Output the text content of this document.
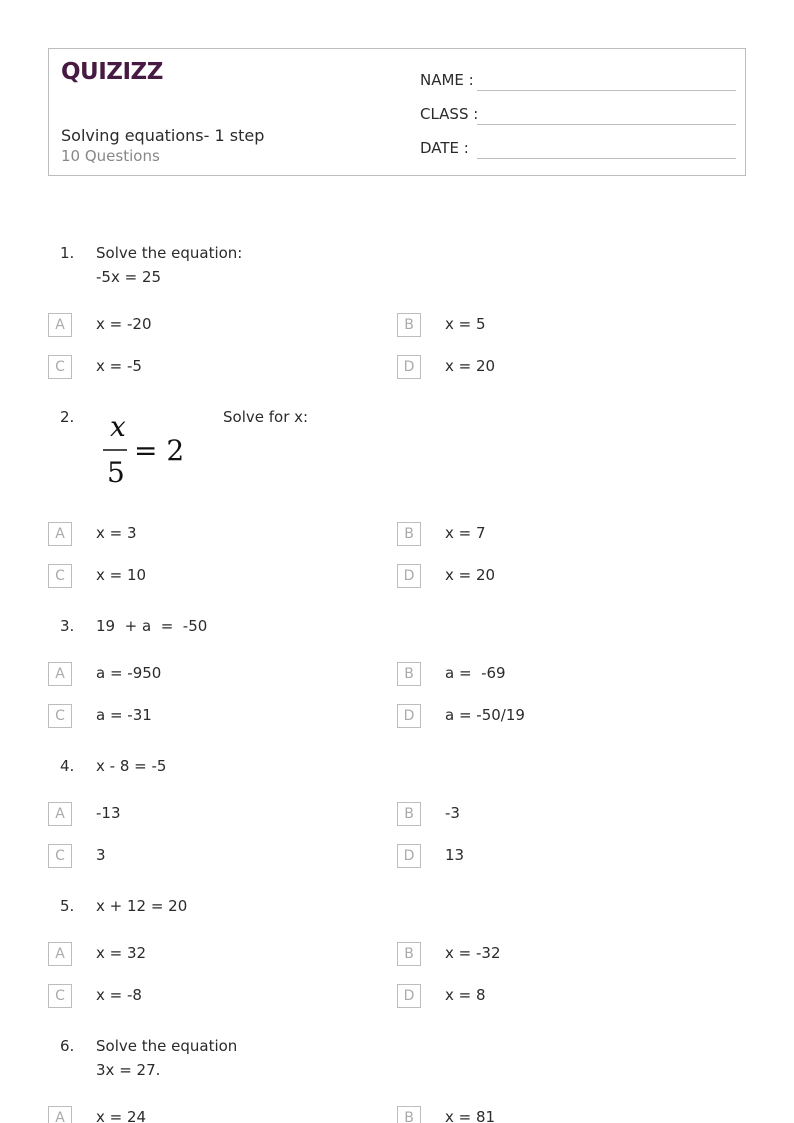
QUIZIZZ
Solving equations- 1 step
10 Questions
NAME :
CLASS :
DATE :
1. Solve the equation:
-5x = 25
A	x = -20	B	x = 5
C	x = -5	D	x = 20
2. x
5
= 2
Solve for x:
A	x = 3	B	x = 7
C	x = 10	D	x = 20
3. 19  + a  =  -50
A	a = -950	B	a =  -69
C	a = -31	D	a = -50/19
4. x - 8 = -5
A	-13	B	-3
C	3	D	13
5. x + 12 = 20
A	x = 32	B	x = -32
C	x = -8	D	x = 8
6. Solve the equation
3x = 27.
A	x = 24	B	x = 81
